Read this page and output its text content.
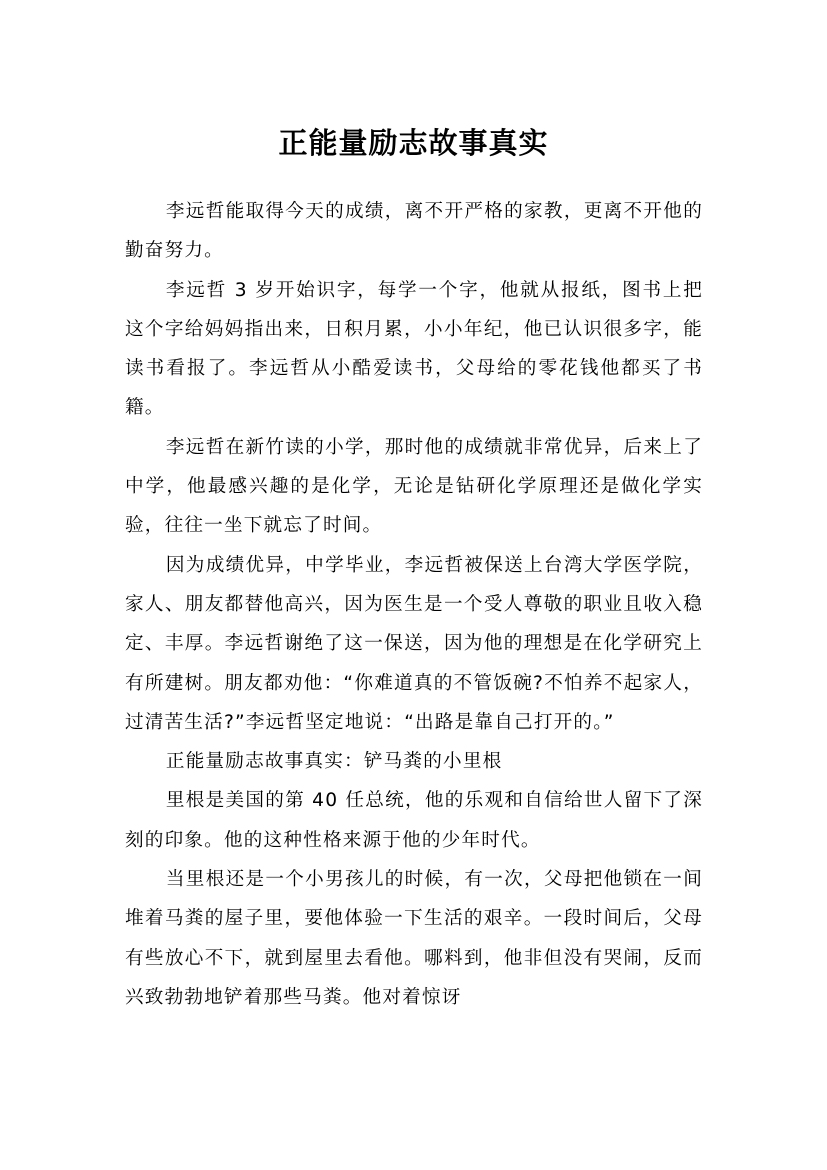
正能量励志故事真实

李远哲能取得今天的成绩，离不开严格的家教，更离不开他的勤奋努力。

李远哲 3 岁开始识字，每学一个字，他就从报纸，图书上把这个字给妈妈指出来，日积月累，小小年纪，他已认识很多字，能读书看报了。李远哲从小酷爱读书，父母给的零花钱他都买了书籍。

李远哲在新竹读的小学，那时他的成绩就非常优异，后来上了中学，他最感兴趣的是化学，无论是钻研化学原理还是做化学实验，往往一坐下就忘了时间。

因为成绩优异，中学毕业，李远哲被保送上台湾大学医学院，家人、朋友都替他高兴，因为医生是一个受人尊敬的职业且收入稳定、丰厚。李远哲谢绝了这一保送，因为他的理想是在化学研究上有所建树。朋友都劝他：“你难道真的不管饭碗?不怕养不起家人，过清苦生活?”李远哲坚定地说：“出路是靠自己打开的。”

正能量励志故事真实：铲马粪的小里根

里根是美国的第 40 任总统，他的乐观和自信给世人留下了深刻的印象。他的这种性格来源于他的少年时代。

当里根还是一个小男孩儿的时候，有一次，父母把他锁在一间堆着马粪的屋子里，要他体验一下生活的艰辛。一段时间后，父母有些放心不下，就到屋里去看他。哪料到，他非但没有哭闹，反而兴致勃勃地铲着那些马粪。他对着惊讶
